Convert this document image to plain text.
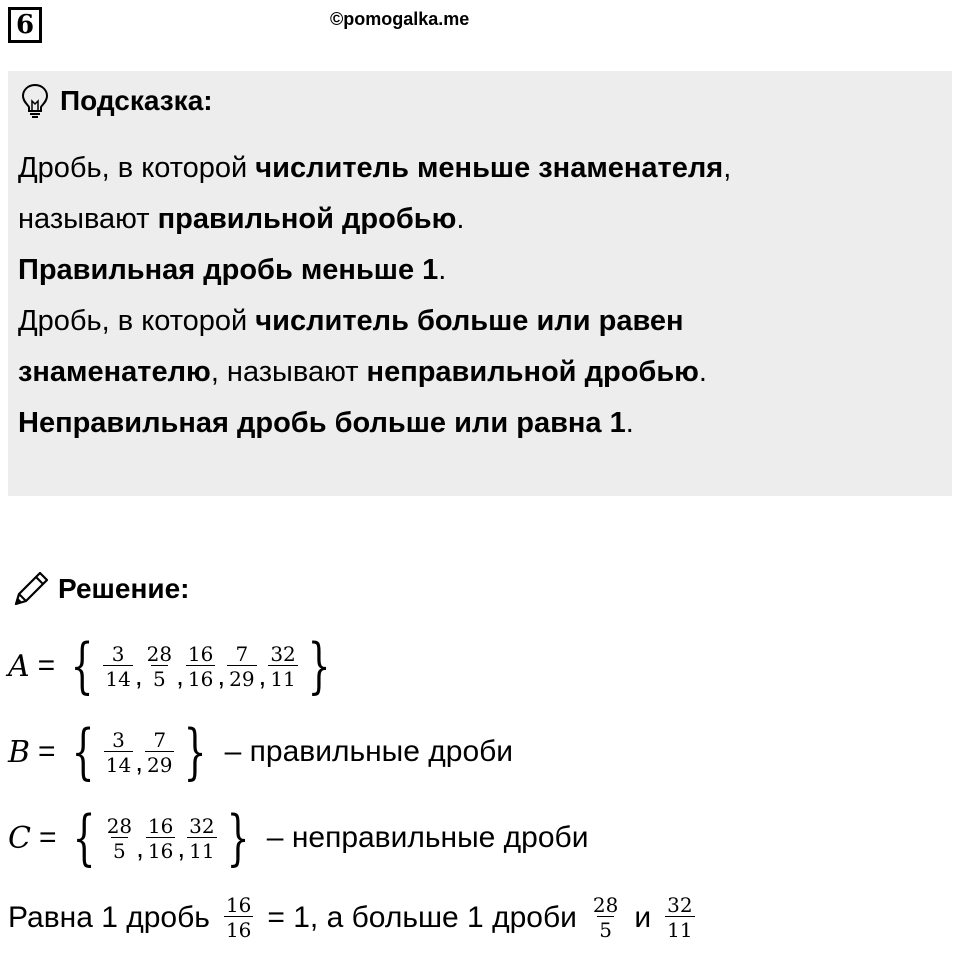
6	©pomogalka.me
Подсказка:
Дробь, в которой числитель меньше знаменателя,
называют правильной дробью.
Правильная дробь меньше 1.
Дробь, в которой числитель больше или равен
знаменателю, называют неправильной дробью.
Неправильная дробь больше или равна 1.
Решение:
A = { $\frac{3}{14}$ , $\frac{28}{5}$ , $\frac{16}{16}$ , $\frac{7}{29}$ , $\frac{32}{11}$ }
B = { $\frac{3}{14}$ , $\frac{7}{29}$ } – правильные дроби
C = { $\frac{28}{5}$ , $\frac{16}{16}$ , $\frac{32}{11}$ } – неправильные дроби
Равна 1 дробь $\frac{16}{16} = 1$, а больше 1 дроби $\frac{28}{5}$ и $\frac{32}{11}$
